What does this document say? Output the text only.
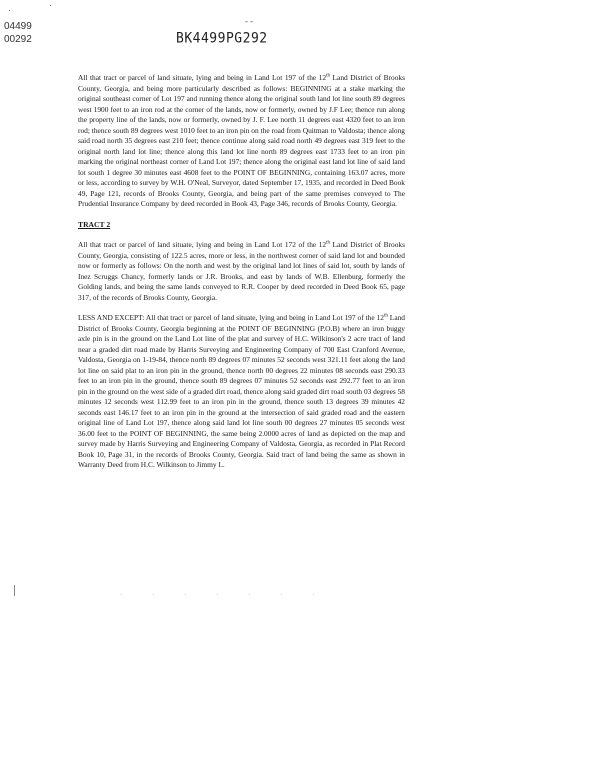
04499
00292
--
BK4499PG292

All that tract or parcel of land situate, lying and being in Land Lot 197 of the 12th Land District of Brooks County, Georgia, and being more particularly described as follows: BEGINNING at a stake marking the original southeast corner of Lot 197 and running thence along the original south land lot line south 89 degrees west 1900 feet to an iron rod at the corner of the lands, now or formerly, owned by J.F Lee; thence run along the property line of the lands, now or formerly, owned by J. F. Lee north 11 degrees east 4320 feet to an iron rod; thence south 89 degrees west 1010 feet to an iron pin on the road from Quitman to Valdosta; thence along said road north 35 degrees east 210 feet; thence continue along said road north 49 degrees east 319 feet to the original north land lot line; thence along this land lot line north 89 degrees east 1733 feet to an iron pin marking the original northeast corner of Land Lot 197; thence along the original east land lot line of said land lot south 1 degree 30 minutes east 4608 feet to the POINT OF BEGINNING, containing 163.07 acres, more or less, according to survey by W.H. O'Neal, Surveyor, dated September 17, 1935, and recorded in Deed Book 49, Page 121, records of Brooks County, Georgia, and being part of the same premises conveyed to The Prudential Insurance Company by deed recorded in Book 43, Page 346, records of Brooks County, Georgia.

TRACT 2

All that tract or parcel of land situate, lying and being in Land Lot 172 of the 12th Land District of Brooks County, Georgia, consisting of 122.5 acres, more or less, in the northwest corner of said land lot and bounded now or formerly as follows: On the north and west by the original land lot lines of said lot, south by lands of Inez Scruggs Chancy, formerly lands or J.R. Brooks, and east by lands of W.B. Ellenburg, formerly the Golding lands, and being the same lands conveyed to R.R. Cooper by deed recorded in Deed Book 65, page 317, of the records of Brooks County, Georgia.

LESS AND EXCEPT: All that tract or parcel of land situate, lying and being in Land Lot 197 of the 12th Land District of Brooks County, Georgia beginning at the POINT OF BEGINNING (P.O.B) where an iron buggy axle pin is in the ground on the Land Lot line of the plat and survey of H.C. Wilkinson's 2 acre tract of land near a graded dirt road made by Harris Surveying and Engineering Company of 700 East Cranford Avenue, Valdosta, Georgia on 1-19-84, thence north 89 degrees 07 minutes 52 seconds west 321.11 feet along the land lot line on said plat to an iron pin in the ground, thence north 00 degrees 22 minutes 08 seconds east 290.33 feet to an iron pin in the ground, thence south 89 degrees 07 minutes 52 seconds east 292.77 feet to an iron pin in the ground on the west side of a graded dirt road, thence along said graded dirt road south 03 degrees 58 minutes 12 seconds west 112.99 feet to an iron pin in the ground, thence south 13 degrees 39 minutes 42 seconds east 146.17 feet to an iron pin in the ground at the intersection of said graded road and the eastern original line of Land Lot 197, thence along said land lot line south 00 degrees 27 minutes 05 seconds west 36.00 feet to the POINT OF BEGINNING, the same being 2.0000 acres of land as depicted on the map and survey made by Harris Surveying and Engineering Company of Valdosta, Georgia, as recorded in Plat Record Book 10, Page 31, in the records of Brooks County, Georgia. Said tract of land being the same as shown in Warranty Deed from H.C. Wilkinson to Jimmy L.

· · · · · · ·
